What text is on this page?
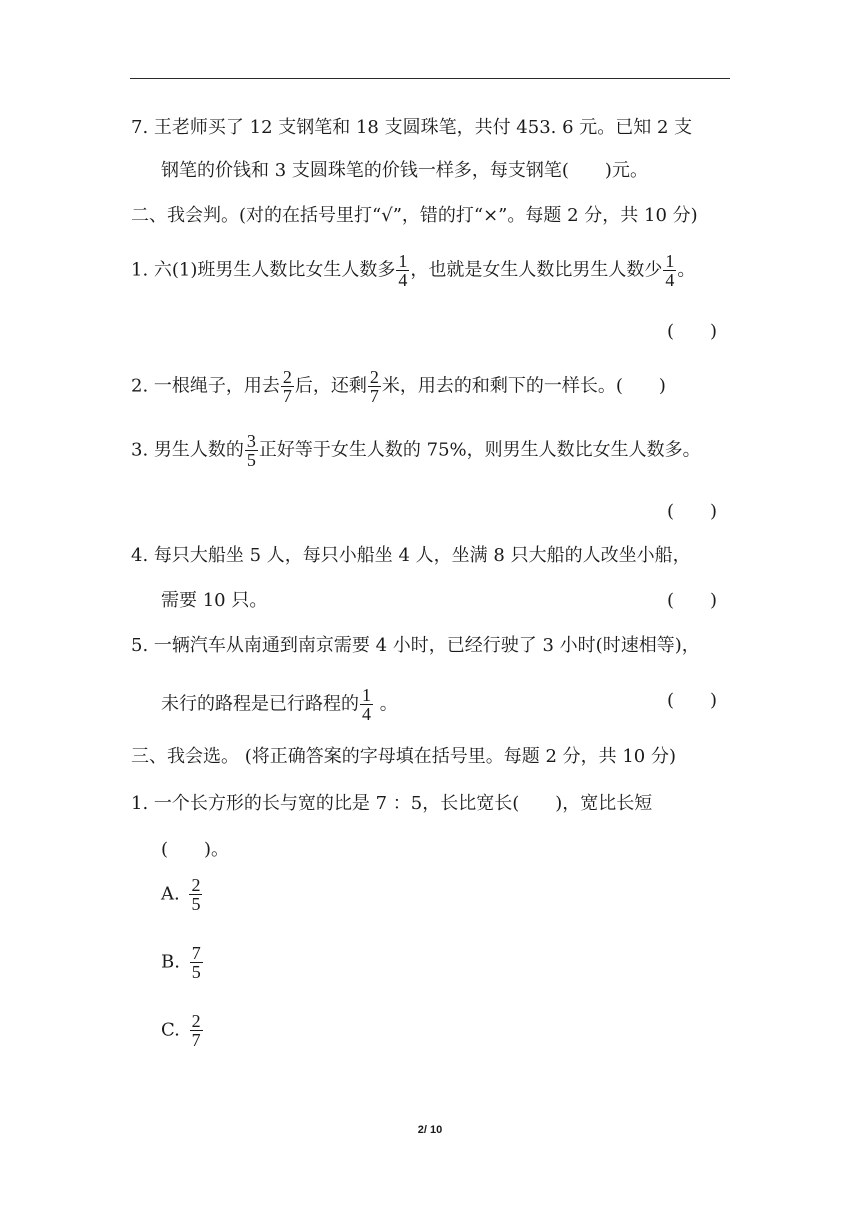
7. 王老师买了 12 支钢笔和 18 支圆珠笔，共付 453. 6 元。已知 2 支
钢笔的价钱和 3 支圆珠笔的价钱一样多，每支钢笔(　　)元。
二、我会判。(对的在括号里打“√”，错的打“×”。每题 2 分，共 10 分)
1. 六(1)班男生人数比女生人数多 $\frac{1}{4}$ ，也就是女生人数比男生人数少 $\frac{1}{4}$ 。
(　　)
2. 一根绳子，用去 $\frac{2}{7}$ 后，还剩 $\frac{2}{7}$ 米，用去的和剩下的一样长。(　　)
3. 男生人数的 $\frac{3}{5}$ 正好等于女生人数的 75%，则男生人数比女生人数多。
(　　)
4. 每只大船坐 5 人，每只小船坐 4 人，坐满 8 只大船的人改坐小船，
需要 10 只。	(　　)
5. 一辆汽车从南通到南京需要 4 小时，已经行驶了 3 小时(时速相等)，
未行的路程是已行路程的 $\frac{1}{4}$ 。	(　　)
三、我会选。 (将正确答案的字母填在括号里。每题 2 分，共 10 分)
1. 一个长方形的长与宽的比是 7 ：5，长比宽长(　　)，宽比长短
(　　)。
A. $\frac{2}{5}$
B. $\frac{7}{5}$
C. $\frac{2}{7}$
2/ 10
